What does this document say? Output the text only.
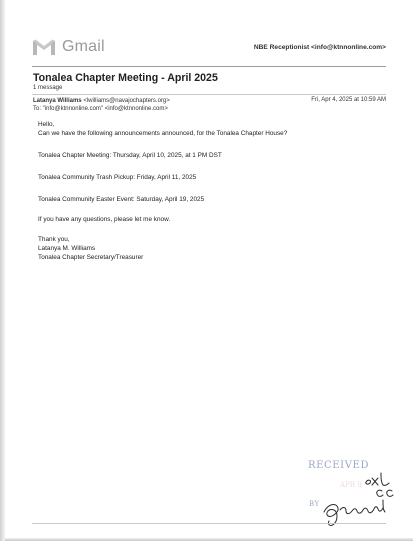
Gmail	NBE Receptionist <info@ktnnonline.com>
Tonalea Chapter Meeting - April 2025
1 message
Latanya Williams <lwilliams@navajochapters.org>
To: "info@ktnnonline.com" <info@ktnnonline.com>
Fri, Apr 4, 2025 at 10:59 AM

Hello,

Can we have the following announcements announced, for the Tonalea Chapter House?

Tonalea Chapter Meeting: Thursday, April 10, 2025, at 1 PM DST

Tonalea Community Trash Pickup: Friday, April 11, 2025

Tonalea Community Easter Event: Saturday, April 19, 2025

If you have any questions, please let me know.

Thank you,

Latanya M. Williams

Tonalea Chapter Secretary/Treasurer

RECEIVED
APR 9
BY
